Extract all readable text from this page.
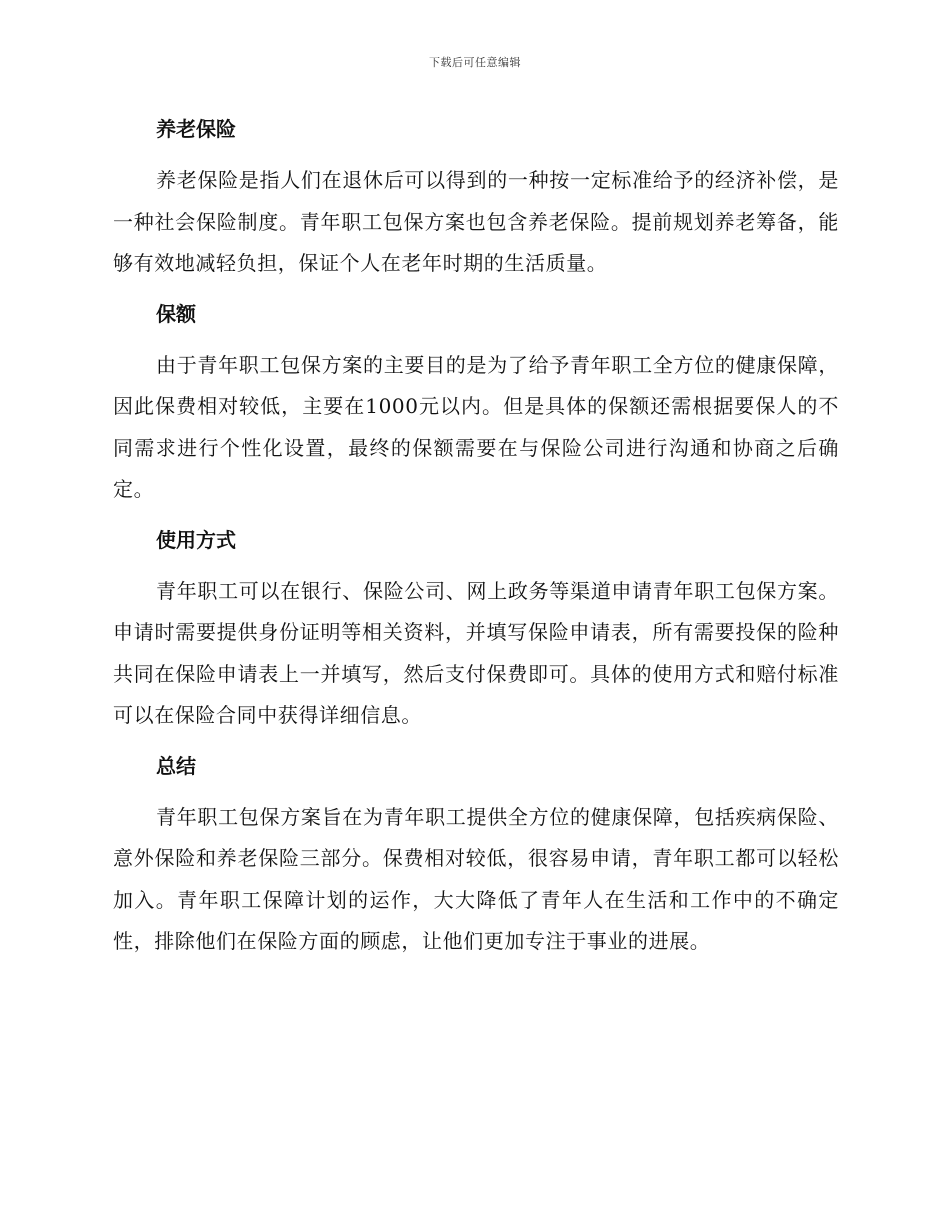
下载后可任意编辑
养老保险

养老保险是指人们在退休后可以得到的一种按一定标准给予的经济补偿，是一种社会保险制度。青年职工包保方案也包含养老保险。提前规划养老筹备，能够有效地减轻负担，保证个人在老年时期的生活质量。

保额

由于青年职工包保方案的主要目的是为了给予青年职工全方位的健康保障，因此保费相对较低，主要在1000元以内。但是具体的保额还需根据要保人的不同需求进行个性化设置，最终的保额需要在与保险公司进行沟通和协商之后确定。

使用方式

青年职工可以在银行、保险公司、网上政务等渠道申请青年职工包保方案。申请时需要提供身份证明等相关资料，并填写保险申请表，所有需要投保的险种共同在保险申请表上一并填写，然后支付保费即可。具体的使用方式和赔付标准可以在保险合同中获得详细信息。

总结

青年职工包保方案旨在为青年职工提供全方位的健康保障，包括疾病保险、意外保险和养老保险三部分。保费相对较低，很容易申请，青年职工都可以轻松加入。青年职工保障计划的运作，大大降低了青年人在生活和工作中的不确定性，排除他们在保险方面的顾虑，让他们更加专注于事业的进展。
